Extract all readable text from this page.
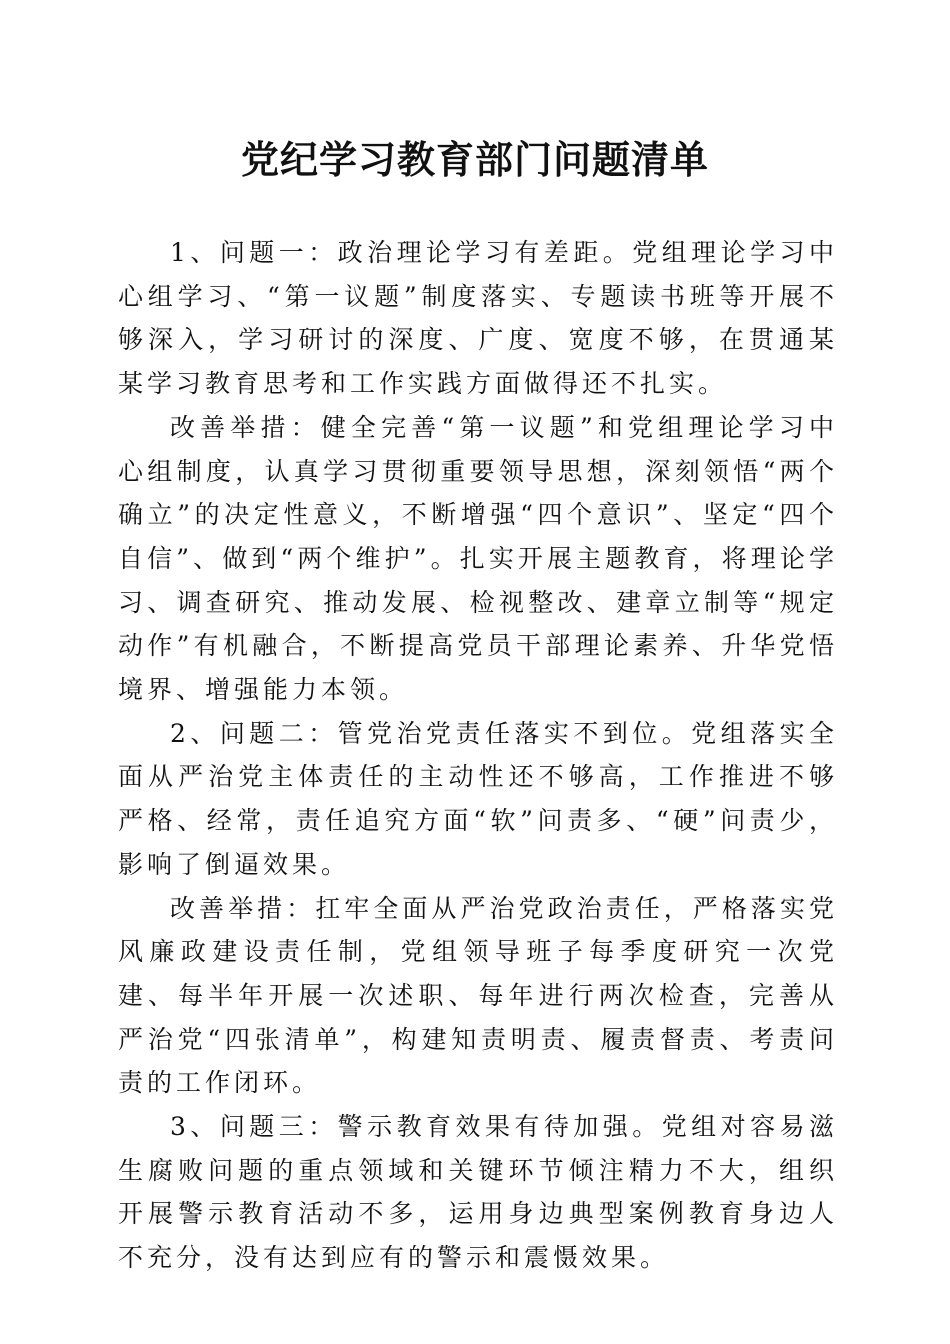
党纪学习教育部门问题清单

1、问题一：政治理论学习有差距。党组理论学习中心组学习、“第一议题”制度落实、专题读书班等开展不够深入，学习研讨的深度、广度、宽度不够，在贯通某某学习教育思考和工作实践方面做得还不扎实。

改善举措：健全完善“第一议题”和党组理论学习中心组制度，认真学习贯彻重要领导思想，深刻领悟“两个确立”的决定性意义，不断增强“四个意识”、坚定“四个自信”、做到“两个维护”。扎实开展主题教育，将理论学习、调查研究、推动发展、检视整改、建章立制等“规定动作”有机融合，不断提高党员干部理论素养、升华党悟境界、增强能力本领。

2、问题二：管党治党责任落实不到位。党组落实全面从严治党主体责任的主动性还不够高，工作推进不够严格、经常，责任追究方面“软”问责多、“硬”问责少，影响了倒逼效果。

改善举措：扛牢全面从严治党政治责任，严格落实党风廉政建设责任制，党组领导班子每季度研究一次党建、每半年开展一次述职、每年进行两次检查，完善从严治党“四张清单”，构建知责明责、履责督责、考责问责的工作闭环。

3、问题三：警示教育效果有待加强。党组对容易滋生腐败问题的重点领域和关键环节倾注精力不大，组织开展警示教育活动不多，运用身边典型案例教育身边人不充分，没有达到应有的警示和震慑效果。
